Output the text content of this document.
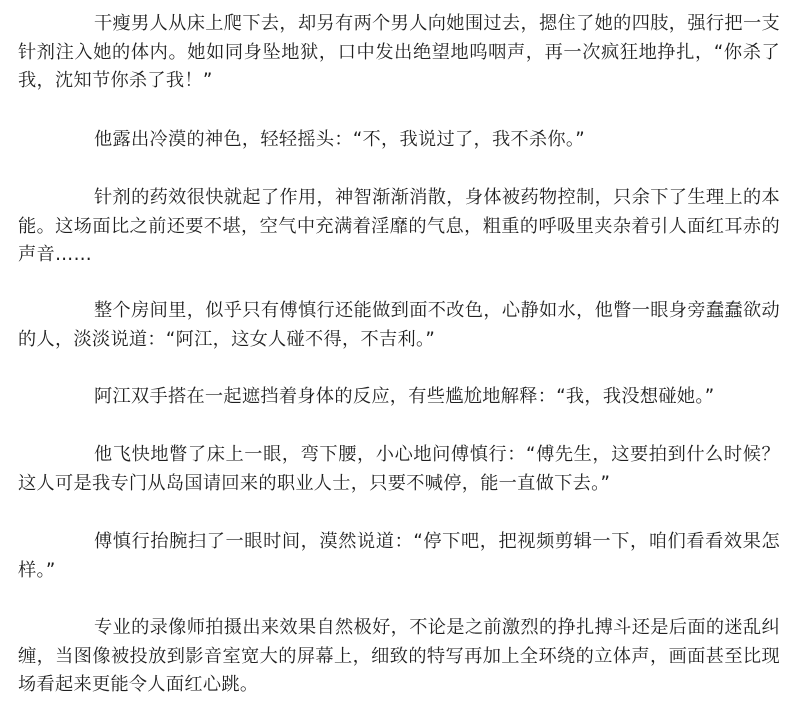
干瘦男人从床上爬下去，却另有两个男人向她围过去，摁住了她的四肢，强行把一支针剂注入她的体内。她如同身坠地狱，口中发出绝望地呜咽声，再一次疯狂地挣扎，“你杀了我，沈知节你杀了我！”

他露出冷漠的神色，轻轻摇头：“不，我说过了，我不杀你。”

针剂的药效很快就起了作用，神智渐渐消散，身体被药物控制，只余下了生理上的本能。这场面比之前还要不堪，空气中充满着淫靡的气息，粗重的呼吸里夹杂着引人面红耳赤的声音……

整个房间里，似乎只有傅慎行还能做到面不改色，心静如水，他瞥一眼身旁蠢蠢欲动的人，淡淡说道：“阿江，这女人碰不得，不吉利。”

阿江双手搭在一起遮挡着身体的反应，有些尴尬地解释：“我，我没想碰她。”

他飞快地瞥了床上一眼，弯下腰，小心地问傅慎行：“傅先生，这要拍到什么时候？这人可是我专门从岛国请回来的职业人士，只要不喊停，能一直做下去。”

傅慎行抬腕扫了一眼时间，漠然说道：“停下吧，把视频剪辑一下，咱们看看效果怎样。”

专业的录像师拍摄出来效果自然极好，不论是之前激烈的挣扎搏斗还是后面的迷乱纠缠，当图像被投放到影音室宽大的屏幕上，细致的特写再加上全环绕的立体声，画面甚至比现场看起来更能令人面红心跳。
